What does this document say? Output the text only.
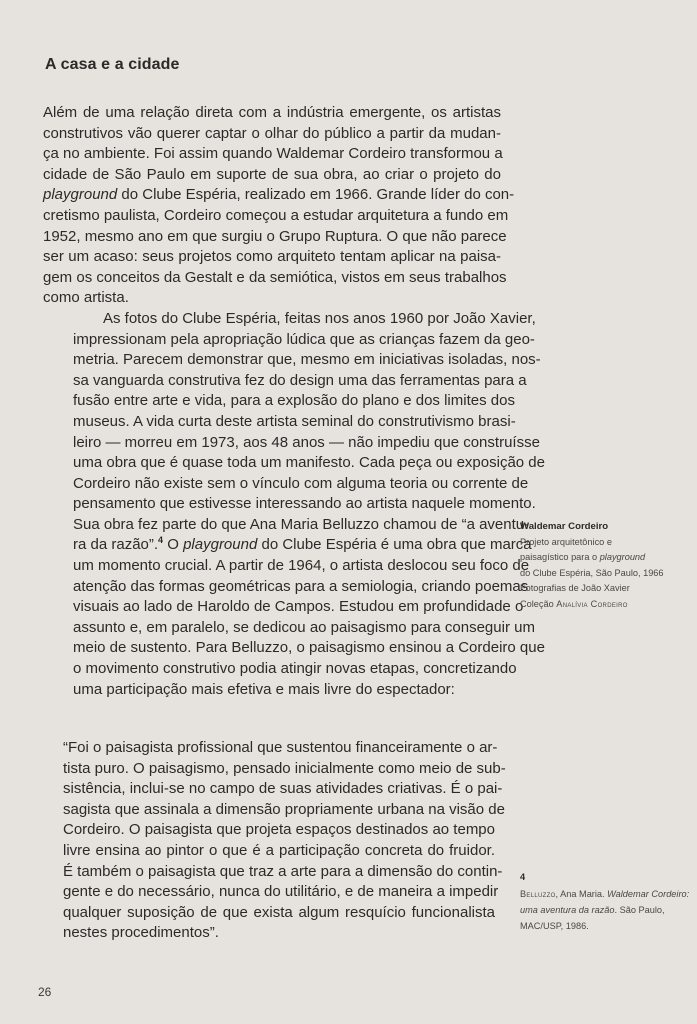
A casa e a cidade

Além de uma relação direta com a indústria emergente, os artistas
construtivos vão querer captar o olhar do público a partir da mudan-
ça no ambiente. Foi assim quando Waldemar Cordeiro transformou a
cidade de São Paulo em suporte de sua obra, ao criar o projeto do
playground do Clube Espéria, realizado em 1966. Grande líder do con-
cretismo paulista, Cordeiro começou a estudar arquitetura a fundo em
1952, mesmo ano em que surgiu o Grupo Ruptura. O que não parece
ser um acaso: seus projetos como arquiteto tentam aplicar na paisa-
gem os conceitos da Gestalt e da semiótica, vistos em seus trabalhos
como artista.

As fotos do Clube Espéria, feitas nos anos 1960 por João Xavier,
impressionam pela apropriação lúdica que as crianças fazem da geo-
metria. Parecem demonstrar que, mesmo em iniciativas isoladas, nos-
sa vanguarda construtiva fez do design uma das ferramentas para a
fusão entre arte e vida, para a explosão do plano e dos limites dos
museus. A vida curta deste artista seminal do construtivismo brasi-
leiro — morreu em 1973, aos 48 anos — não impediu que construísse
uma obra que é quase toda um manifesto. Cada peça ou exposição de
Cordeiro não existe sem o vínculo com alguma teoria ou corrente de
pensamento que estivesse interessando ao artista naquele momento.
Sua obra fez parte do que Ana Maria Belluzzo chamou de “a aventu-
ra da razão”.$^4$ O playground do Clube Espéria é uma obra que marca
um momento crucial. A partir de 1964, o artista deslocou seu foco de
atenção das formas geométricas para a semiologia, criando poemas
visuais ao lado de Haroldo de Campos. Estudou em profundidade o
assunto e, em paralelo, se dedicou ao paisagismo para conseguir um
meio de sustento. Para Belluzzo, o paisagismo ensinou a Cordeiro que
o movimento construtivo podia atingir novas etapas, concretizando
uma participação mais efetiva e mais livre do espectador:

“Foi o paisagista profissional que sustentou financeiramente o ar-
tista puro. O paisagismo, pensado inicialmente como meio de sub-
sistência, inclui-se no campo de suas atividades criativas. É o pai-
sagista que assinala a dimensão propriamente urbana na visão de
Cordeiro. O paisagista que projeta espaços destinados ao tempo
livre ensina ao pintor o que é a participação concreta do fruidor.
É também o paisagista que traz a arte para a dimensão do contin-
gente e do necessário, nunca do utilitário, e de maneira a impedir
qualquer suposição de que exista algum resquício funcionalista
nestes procedimentos”.
Waldemar Cordeiro
Projeto arquitetônico e
paisagístico para o playground
do Clube Espéria, São Paulo, 1966
Fotografias de João Xavier
Coleção Analívia Cordeiro
4
Belluzzo, Ana Maria. Waldemar Cordeiro: uma aventura da razão. São Paulo, MAC/USP, 1986.
26
